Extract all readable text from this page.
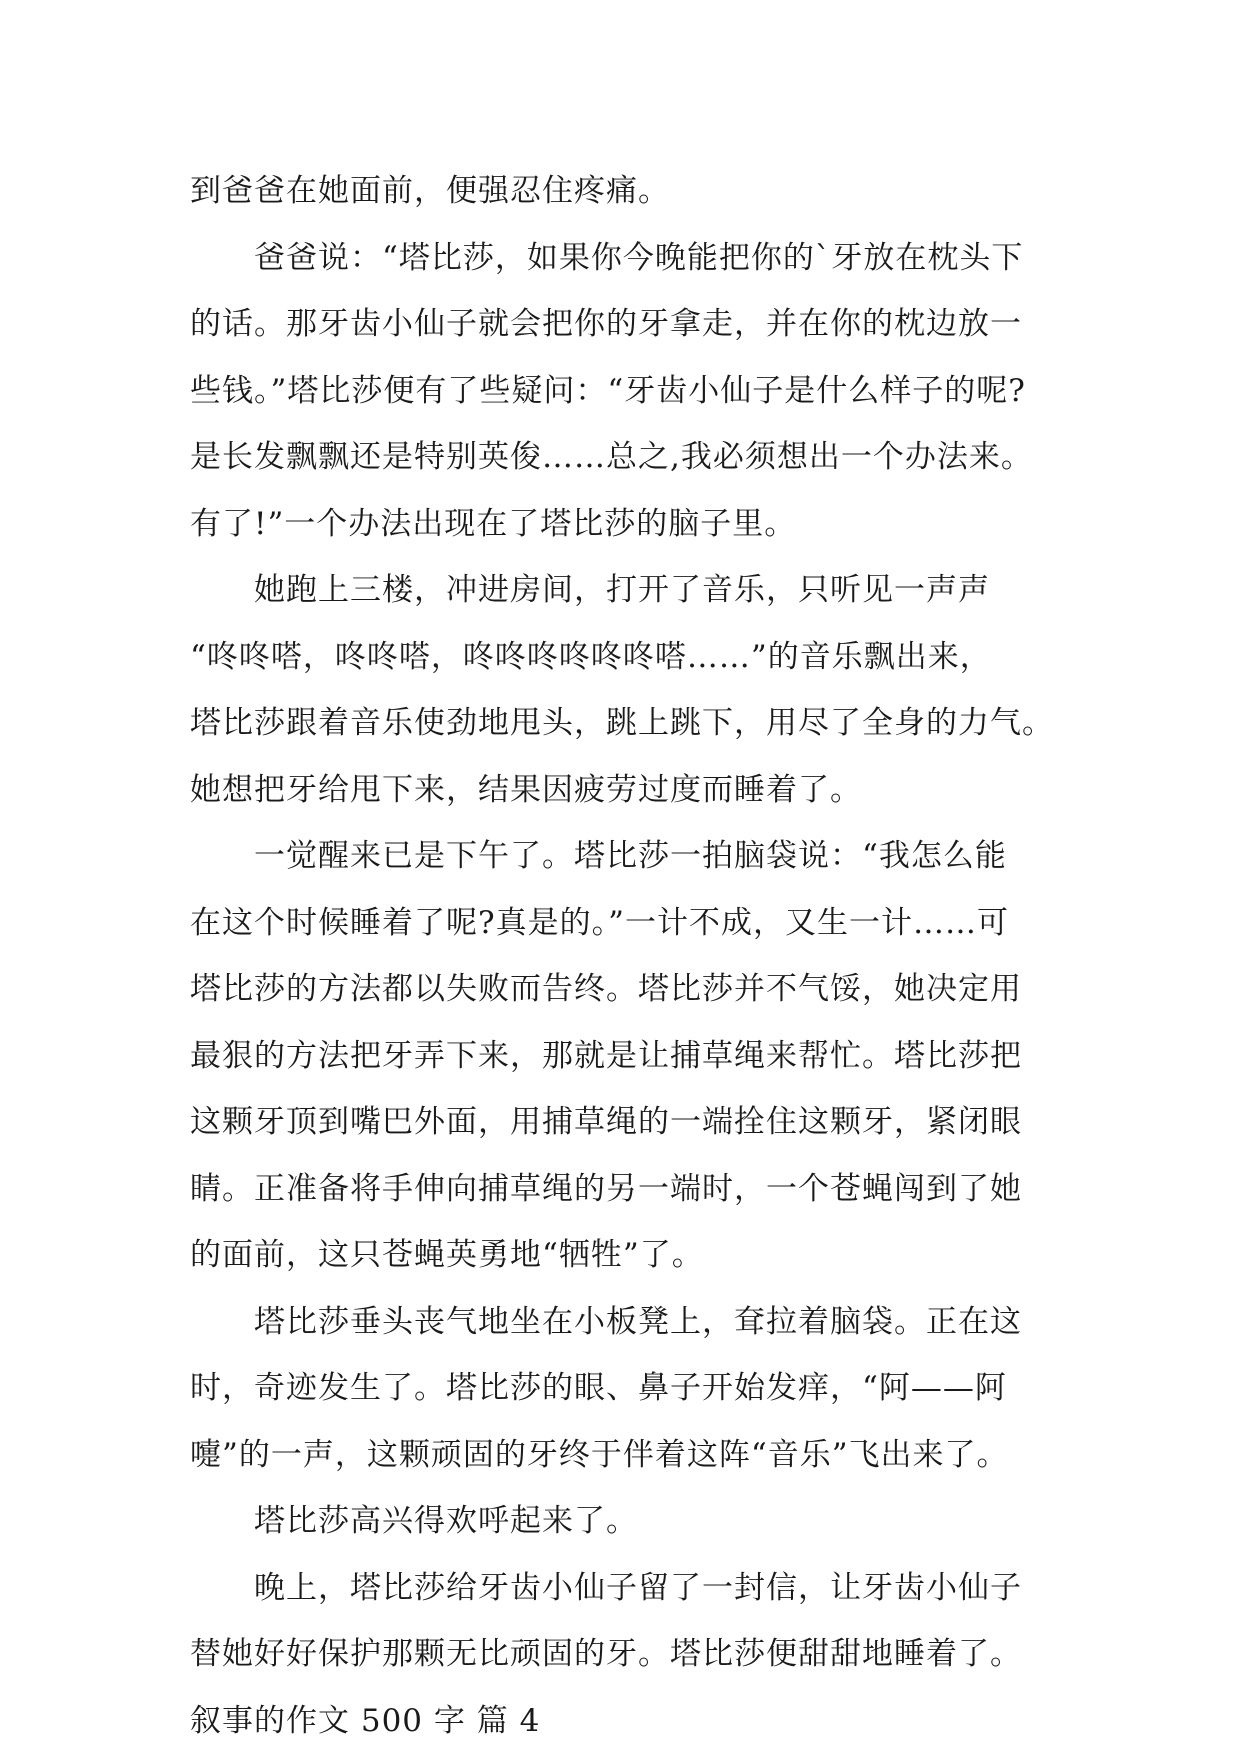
到爸爸在她面前，便强忍住疼痛。
爸爸说：“塔比莎，如果你今晚能把你的`牙放在枕头下
的话。那牙齿小仙子就会把你的牙拿走，并在你的枕边放一
些钱。”塔比莎便有了些疑问：“牙齿小仙子是什么样子的呢?
是长发飘飘还是特别英俊……总之,我必须想出一个办法来。
有了!”一个办法出现在了塔比莎的脑子里。
她跑上三楼，冲进房间，打开了音乐，只听见一声声
“咚咚嗒，咚咚嗒，咚咚咚咚咚咚嗒……”的音乐飘出来，
塔比莎跟着音乐使劲地甩头，跳上跳下，用尽了全身的力气。
她想把牙给甩下来，结果因疲劳过度而睡着了。
一觉醒来已是下午了。塔比莎一拍脑袋说：“我怎么能
在这个时候睡着了呢?真是的。”一计不成，又生一计……可
塔比莎的方法都以失败而告终。塔比莎并不气馁，她决定用
最狠的方法把牙弄下来，那就是让捕草绳来帮忙。塔比莎把
这颗牙顶到嘴巴外面，用捕草绳的一端拴住这颗牙，紧闭眼
睛。正准备将手伸向捕草绳的另一端时，一个苍蝇闯到了她
的面前，这只苍蝇英勇地“牺牲”了。
塔比莎垂头丧气地坐在小板凳上，耷拉着脑袋。正在这
时，奇迹发生了。塔比莎的眼、鼻子开始发痒，“阿——阿
嚏”的一声，这颗顽固的牙终于伴着这阵“音乐”飞出来了。
塔比莎高兴得欢呼起来了。
晚上，塔比莎给牙齿小仙子留了一封信，让牙齿小仙子
替她好好保护那颗无比顽固的牙。塔比莎便甜甜地睡着了。
叙事的作文 500 字 篇 4
